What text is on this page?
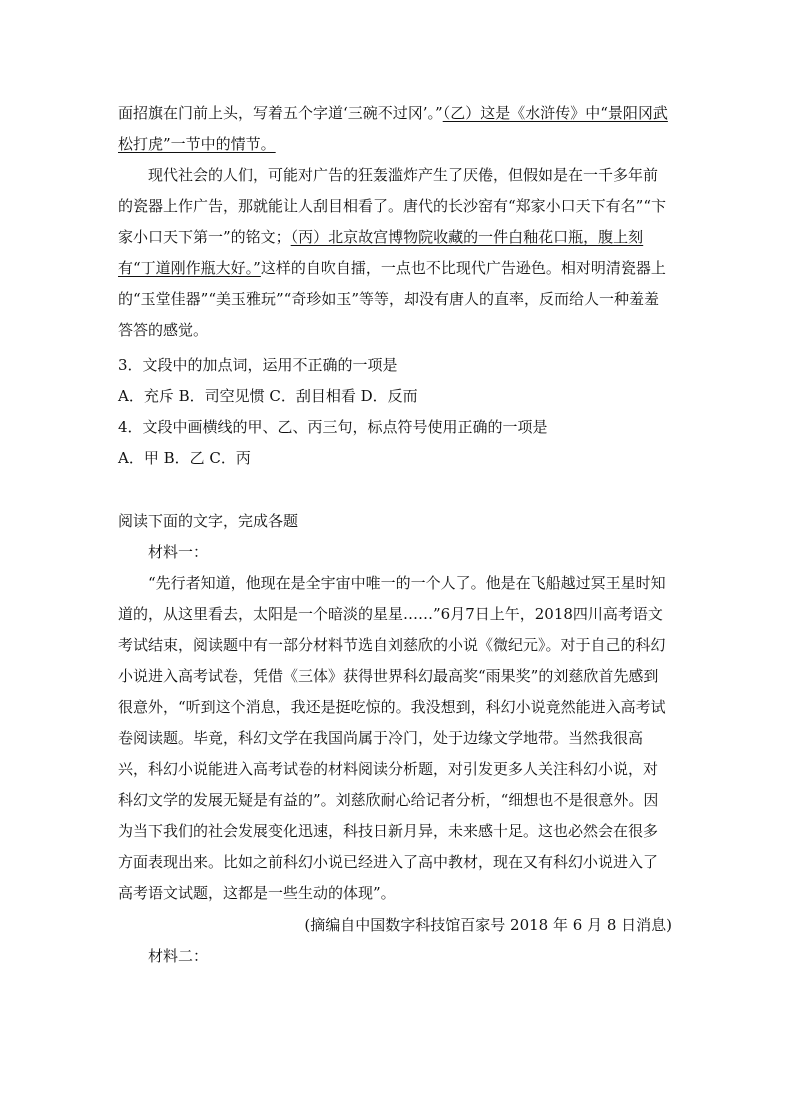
面招旗在门前上头，写着五个字道‘三碗不过冈’。”（乙）这是《水浒传》中“景阳冈武松打虎”一节中的情节。

现代社会的人们，可能对广告的狂轰滥炸产生了厌倦，但假如是在一千多年前的瓷器上作广告，那就能让人刮目相看了。唐代的长沙窑有“郑家小口天下有名”“卞家小口天下第一”的铭文；（丙）北京故宫博物院收藏的一件白釉花口瓶，腹上刻有“丁道刚作瓶大好。”这样的自吹自擂，一点也不比现代广告逊色。相对明清瓷器上的“玉堂佳器”“美玉雅玩”“奇珍如玉”等等，却没有唐人的直率，反而给人一种羞羞答答的感觉。

3．文段中的加点词，运用不正确的一项是

A．充斥 B．司空见惯 C．刮目相看 D．反而

4．文段中画横线的甲、乙、丙三句，标点符号使用正确的一项是

A．甲 B．乙 C．丙

阅读下面的文字，完成各题

材料一：

“先行者知道，他现在是全宇宙中唯一的一个人了。他是在飞船越过冥王星时知道的，从这里看去，太阳是一个暗淡的星星……”6月7日上午，2018四川高考语文考试结束，阅读题中有一部分材料节选自刘慈欣的小说《微纪元》。对于自己的科幻小说进入高考试卷，凭借《三体》获得世界科幻最高奖“雨果奖”的刘慈欣首先感到很意外，“听到这个消息，我还是挺吃惊的。我没想到，科幻小说竟然能进入高考试卷阅读题。毕竟，科幻文学在我国尚属于冷门，处于边缘文学地带。当然我很高兴，科幻小说能进入高考试卷的材料阅读分析题，对引发更多人关注科幻小说，对科幻文学的发展无疑是有益的”。刘慈欣耐心给记者分析，“细想也不是很意外。因为当下我们的社会发展变化迅速，科技日新月异，未来感十足。这也必然会在很多方面表现出来。比如之前科幻小说已经进入了高中教材，现在又有科幻小说进入了高考语文试题，这都是一些生动的体现”。

(摘编自中国数字科技馆百家号 2018 年 6 月 8 日消息)

材料二：
